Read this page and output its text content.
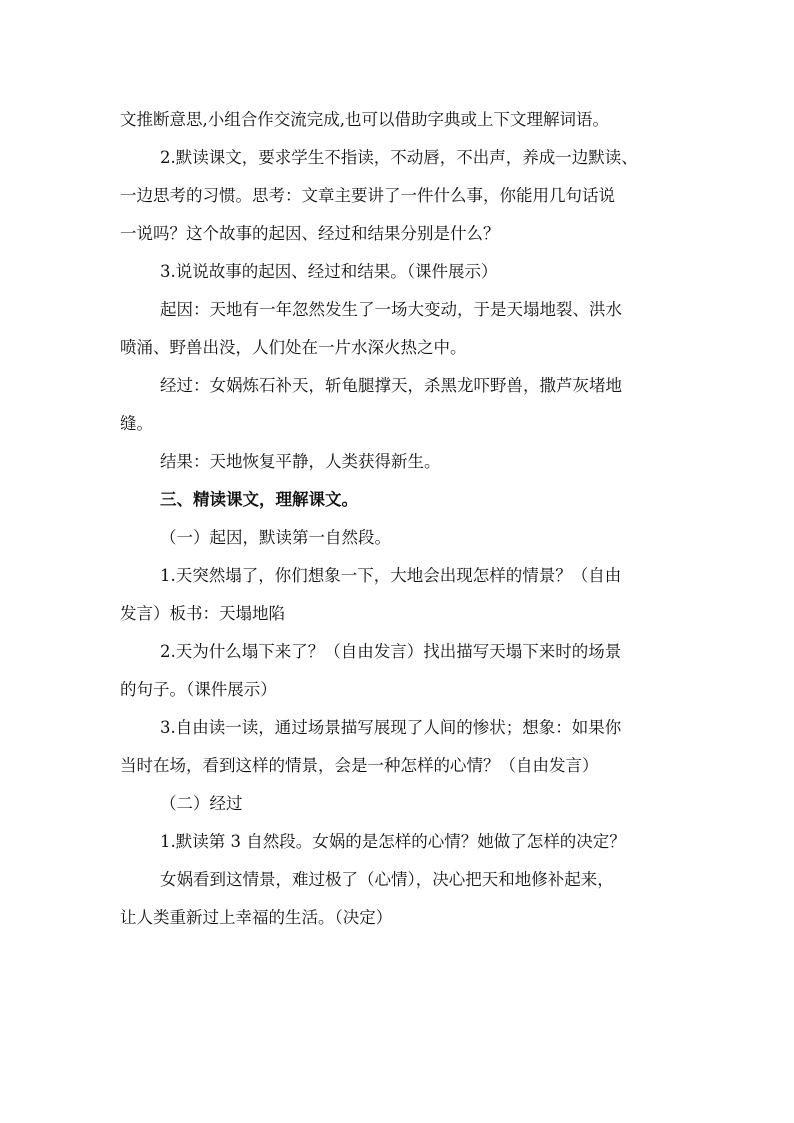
文推断意思,小组合作交流完成,也可以借助字典或上下文理解词语。
2.默读课文，要求学生不指读，不动唇，不出声，养成一边默读、
一边思考的习惯。思考：文章主要讲了一件什么事，你能用几句话说
一说吗？这个故事的起因、经过和结果分别是什么？
3.说说故事的起因、经过和结果。（课件展示）
起因：天地有一年忽然发生了一场大变动，于是天塌地裂、洪水
喷涌、野兽出没，人们处在一片水深火热之中。
经过：女娲炼石补天，斩龟腿撑天，杀黑龙吓野兽，撒芦灰堵地
缝。
结果：天地恢复平静，人类获得新生。
三、精读课文，理解课文。
（一）起因，默读第一自然段。
1.天突然塌了，你们想象一下，大地会出现怎样的情景？（自由
发言）板书：天塌地陷
2.天为什么塌下来了？（自由发言）找出描写天塌下来时的场景
的句子。（课件展示）
3.自由读一读，通过场景描写展现了人间的惨状；想象：如果你
当时在场，看到这样的情景，会是一种怎样的心情？（自由发言）
（二）经过
1.默读第 3 自然段。女娲的是怎样的心情？她做了怎样的决定？
女娲看到这情景，难过极了（心情），决心把天和地修补起来，
让人类重新过上幸福的生活。（决定）
